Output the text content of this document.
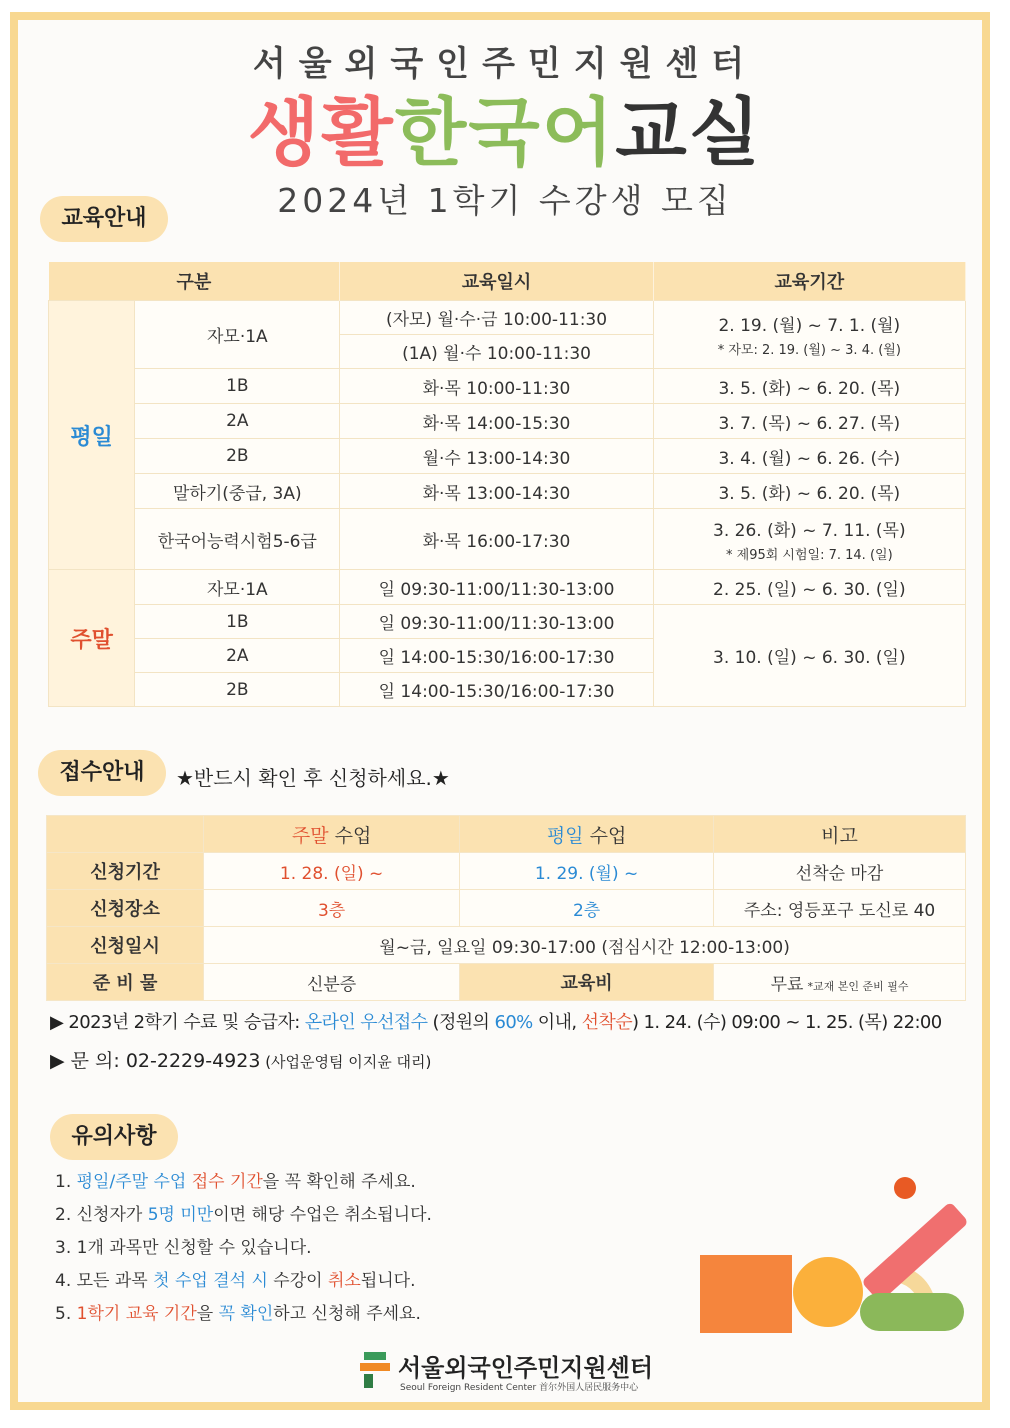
서울외국인주민지원센터
생활한국어교실
2024년 1학기 수강생 모집
교육안내
구분		교육일시	교육기간
평일	자모·1A	(자모) 월·수·금 10:00-11:30	2. 19. (월) ~ 7. 1. (월)
* 자모: 2. 19. (월) ~ 3. 4. (월)

		(1A) 월·수 10:00-11:30	
	1B	화·목 10:00-11:30	3. 5. (화) ~ 6. 20. (목)
	2A	화·목 14:00-15:30	3. 7. (목) ~ 6. 27. (목)
	2B	월·수 13:00-14:30	3. 4. (월) ~ 6. 26. (수)
	말하기(중급, 3A)	화·목 13:00-14:30	3. 5. (화) ~ 6. 20. (목)
	한국어능력시험5-6급	화·목 16:00-17:30	3. 26. (화) ~ 7. 11. (목)
* 제95회 시험일: 7. 14. (일)

주말	자모·1A	일 09:30-11:00/11:30-13:00	2. 25. (일) ~ 6. 30. (일)
	1B	일 09:30-11:00/11:30-13:00	3. 10. (일) ~ 6. 30. (일)
	2A	일 14:00-15:30/16:00-17:30	
	2B	일 14:00-15:30/16:00-17:30	
접수안내	★반드시 확인 후 신청하세요.★
	주말 수업	평일 수업	비고
신청기간	1. 28. (일) ~	1. 29. (월) ~	선착순 마감
신청장소	3층	2층	주소: 영등포구 도신로 40
신청일시	월~금, 일요일 09:30-17:00 (점심시간 12:00-13:00)		
준 비 물	신분증	교육비	무료 *교재 본인 준비 필수
▶ 2023년 2학기 수료 및 승급자: 온라인 우선접수 (정원의 60% 이내, 선착순) 1. 24. (수) 09:00 ~ 1. 25. (목) 22:00
▶ 문 의: 02-2229-4923 (사업운영팀 이지윤 대리)
유의사항
1. 평일/주말 수업 접수 기간을 꼭 확인해 주세요.
2. 신청자가 5명 미만이면 해당 수업은 취소됩니다.
3. 1개 과목만 신청할 수 있습니다.
4. 모든 과목 첫 수업 결석 시 수강이 취소됩니다.
5. 1학기 교육 기간을 꼭 확인하고 신청해 주세요.
서울외국인주민지원센터
Seoul Foreign Resident Center 首尔外国人居民服务中心
